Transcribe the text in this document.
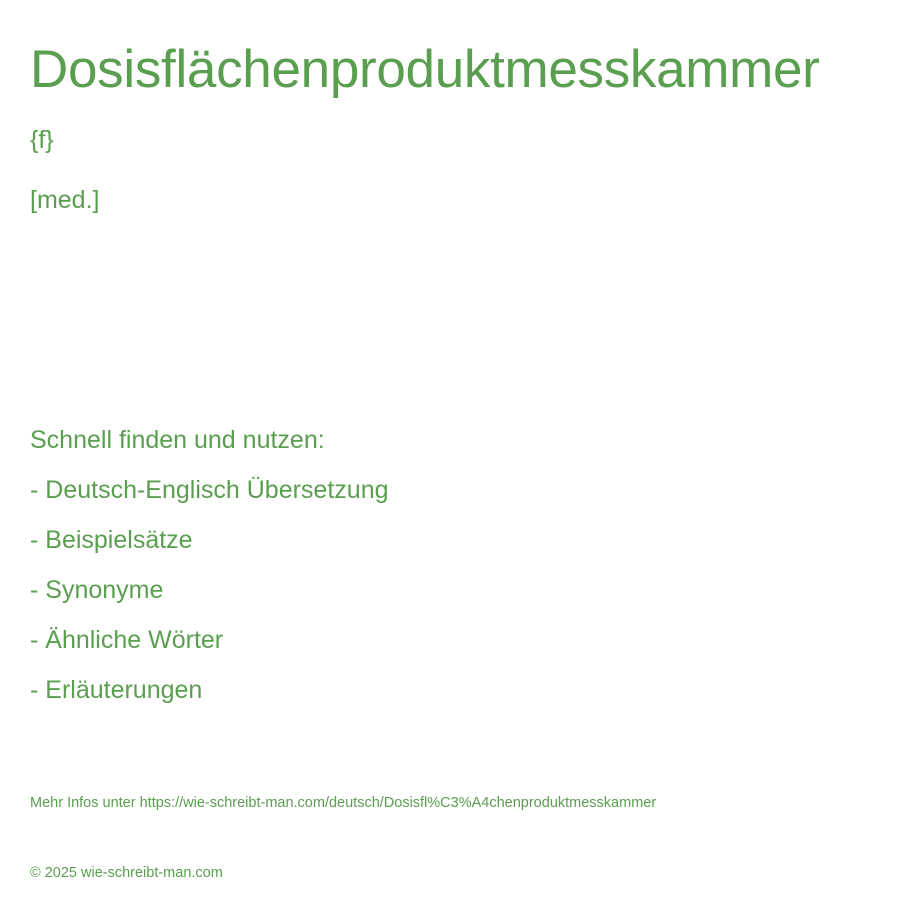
Dosisflächenproduktmesskammer

{f}

[med.]

Schnell finden und nutzen:
- Deutsch-Englisch Übersetzung
- Beispielsätze
- Synonyme
- Ähnliche Wörter
- Erläuterungen

Mehr Infos unter https://wie-schreibt-man.com/deutsch/Dosisfl%C3%A4chenproduktmesskammer

© 2025 wie-schreibt-man.com
